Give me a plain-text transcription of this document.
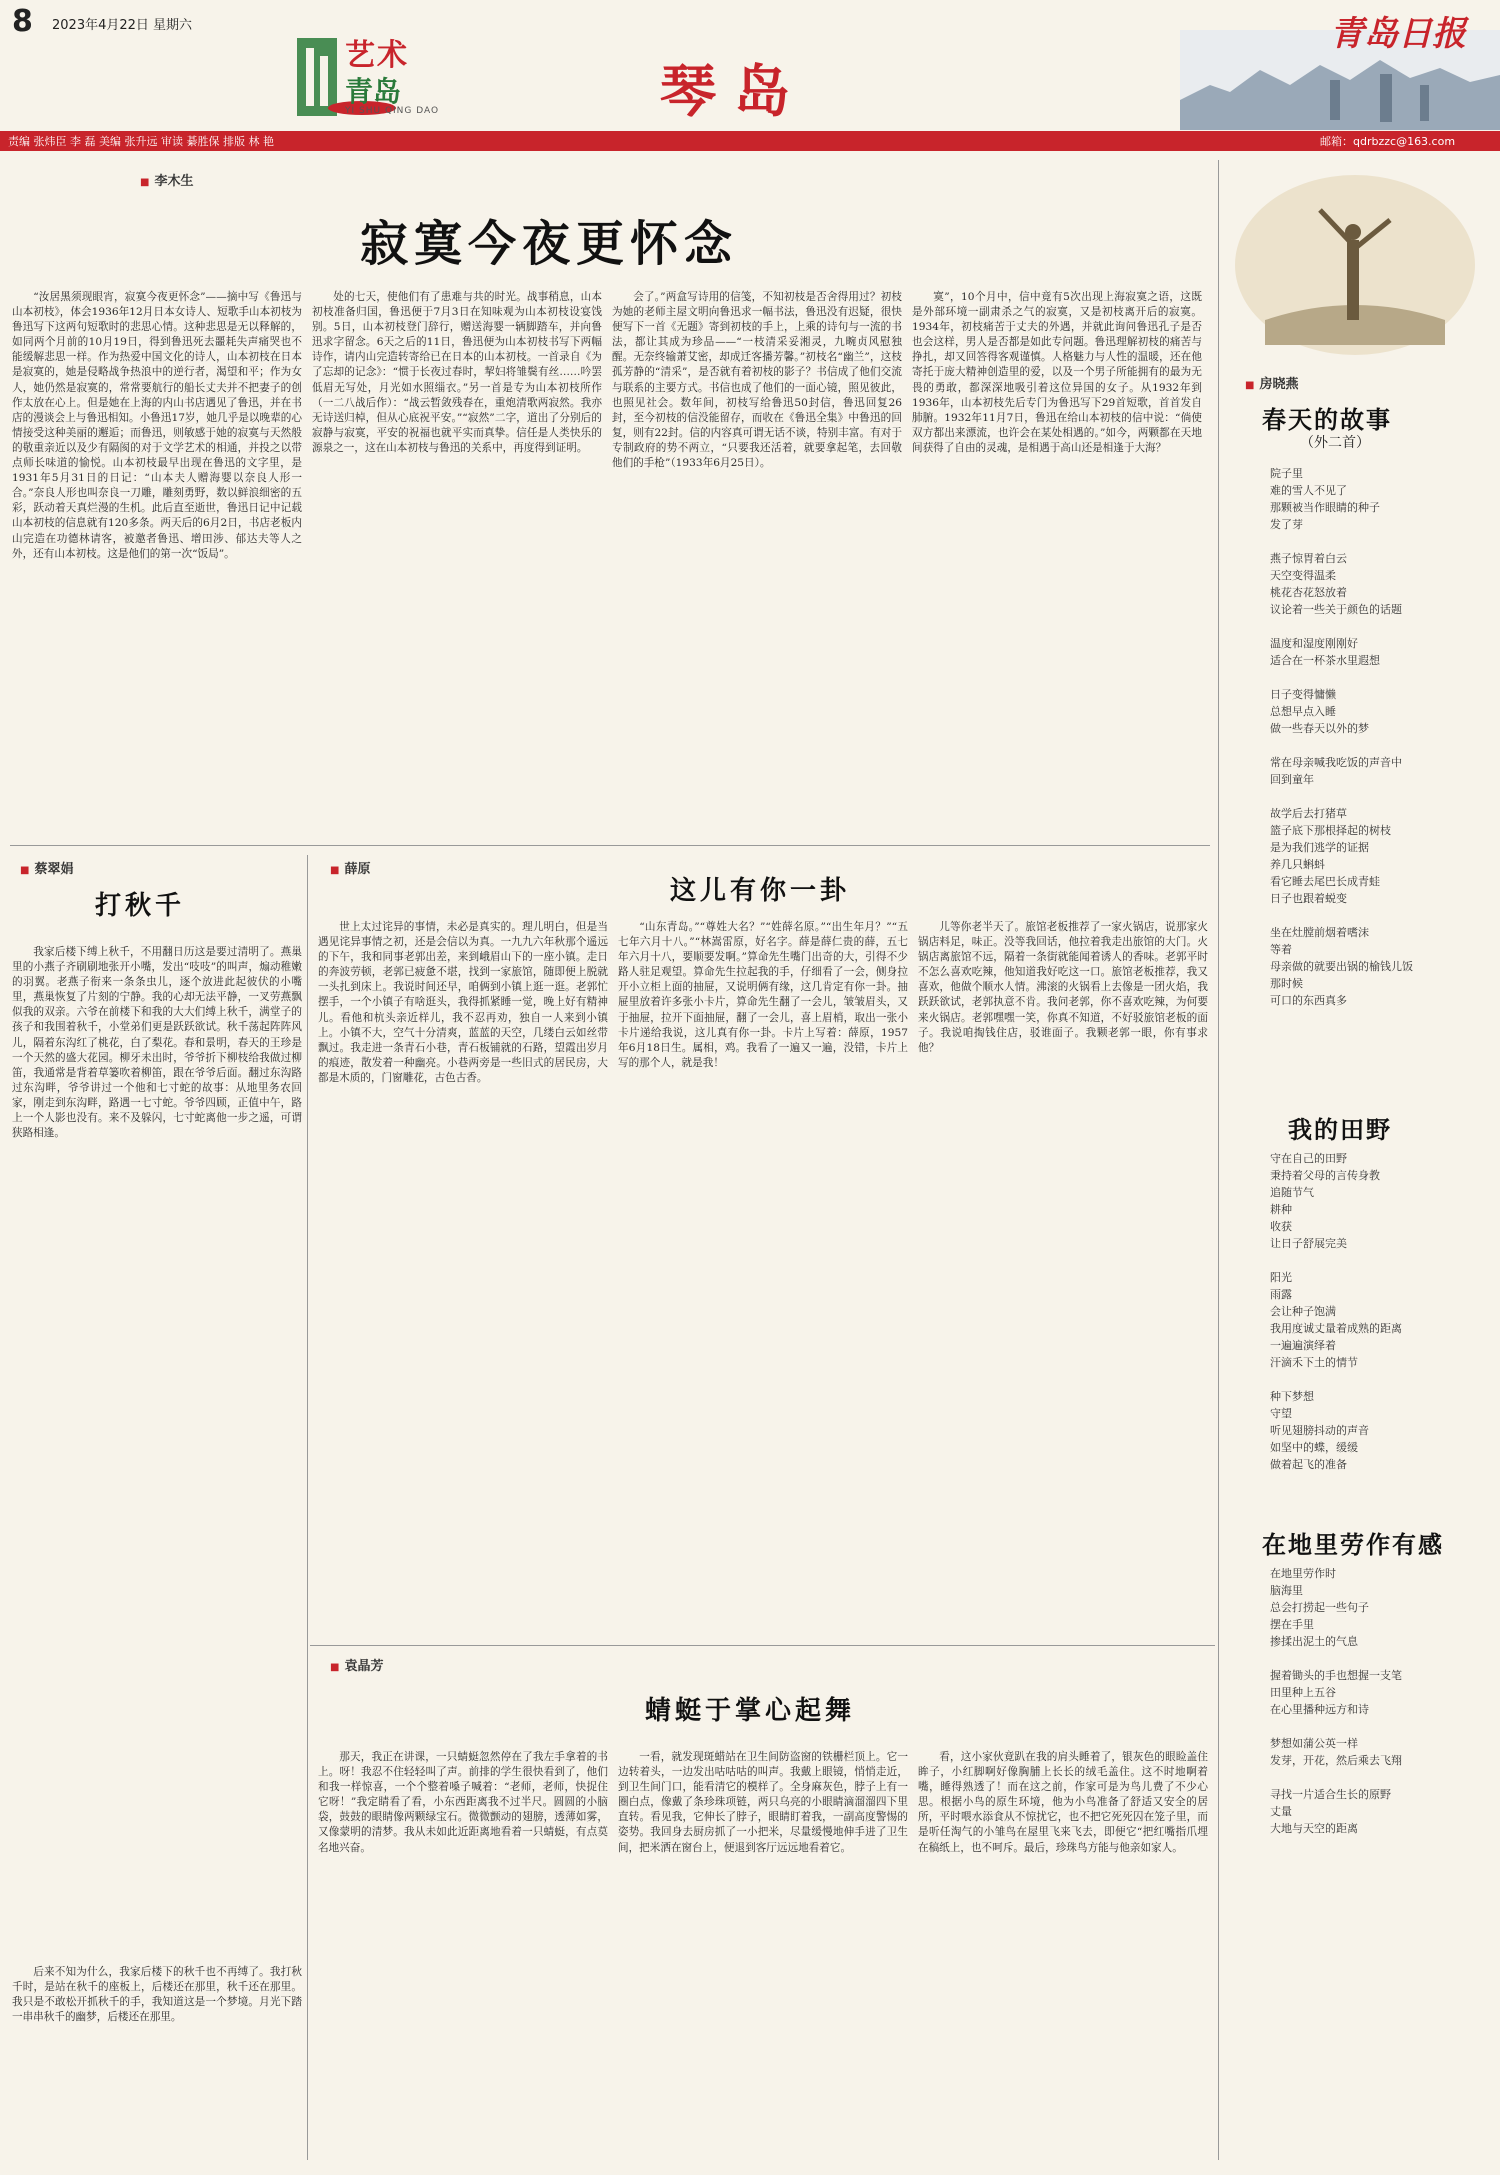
8 2023年4月22日 星期六
艺术
青岛
YI SHU QING DAO	琴岛
青岛日报
责编 张炜臣 李 磊 美编 张升远 审读 綦胜保 排版 林 艳	邮箱：qdrbzzc@163.com
■ 李木生
寂寞今夜更怀念
“汝居黑须现眼宵，寂寞今夜更怀念”——摘中写《鲁迅与山本初枝》，体会1936年12月日本女诗人、短歌手山本初枝为鲁迅写下这两句短歌时的悲思心情。这种悲思是无以释解的，如同两个月前的10月19日，得到鲁迅死去噩耗失声痛哭也不能缓解悲思一样。作为热爱中国文化的诗人，山本初枝在日本是寂寞的，她是侵略战争热浪中的逆行者，渴望和平；作为女人，她仍然是寂寞的，常常要航行的船长丈夫并不把妻子的创作太放在心上。但是她在上海的内山书店遇见了鲁迅，并在书店的漫谈会上与鲁迅相知。小鲁迅17岁，她几乎是以晚辈的心情接受这种美丽的邂逅；而鲁迅，则敏感于她的寂寞与天然般的敬重亲近以及少有隔阂的对于文学艺术的相通，并投之以带点师长味道的愉悦。山本初枝最早出现在鲁迅的文字里，是1931年5月31日的日记：“山本夫人赠海婴以奈良人形一合。”奈良人形也叫奈良一刀雕，雕刻勇野，数以鲜浪细密的五彩，跃动着天真烂漫的生机。此后直至逝世，鲁迅日记中记载山本初枝的信息就有120多条。两天后的6月2日，书店老板内山完造在功德林请客，被邀者鲁迅、增田涉、郁达夫等人之外，还有山本初枝。这是他们的第一次“饭局”。
处的七天，使他们有了患难与共的时光。战事稍息，山本初枝准备归国，鲁迅便于7月3日在知味观为山本初枝设宴饯别。5日，山本初枝登门辞行，赠送海婴一辆脚踏车，并向鲁迅求字留念。6天之后的11日，鲁迅便为山本初枝书写下两幅诗作，请内山完造转寄给已在日本的山本初枝。一首录自《为了忘却的记念》：“惯于长夜过春时，挈妇将雏鬓有丝……吟罢低眉无写处，月光如水照缁衣。”另一首是专为山本初枝所作（一二八战后作）：“战云暂敛残春在，重炮清歌两寂然。我亦无诗送归棹，但从心底祝平安。”“寂然”二字，道出了分别后的寂静与寂寞，平安的祝福也就平实而真挚。信任是人类快乐的源泉之一，这在山本初枝与鲁迅的关系中，再度得到证明。
会了。”两盒写诗用的信笺，不知初枝是否舍得用过？初枝为她的老师主屋文明向鲁迅求一幅书法，鲁迅没有迟疑，很快便写下一首《无题》寄到初枝的手上，上乘的诗句与一流的书法，都让其成为珍品——“一枝清采妥湘灵，九畹贞风慰独醒。无奈终输萧艾密，却成迁客播芳馨。”初枝名“幽兰”，这枝孤芳静的“清采”，是否就有着初枝的影子？书信成了他们交流与联系的主要方式。书信也成了他们的一面心镜，照见彼此，也照见社会。数年间，初枝写给鲁迅50封信，鲁迅回复26封，至今初枝的信没能留存，而收在《鲁迅全集》中鲁迅的回复，则有22封。信的内容真可谓无话不谈，特别丰富。有对于专制政府的势不两立，“只要我还活着，就要拿起笔，去回敬他们的手枪”（1933年6月25日）。
寞”，10个月中，信中竟有5次出现上海寂寞之语，这既是外部环境一副肃杀之气的寂寞，又是初枝离开后的寂寞。1934年，初枝痛苦于丈夫的外遇，并就此询问鲁迅孔子是否也会这样，男人是否都是如此专问题。鲁迅理解初枝的痛苦与挣扎，却又回答得客观谨慎。人格魅力与人性的温暖，还在他寄托于庞大精神创造里的爱，以及一个男子所能拥有的最为无畏的勇敢，都深深地吸引着这位异国的女子。从1932年到1936年，山本初枝先后专门为鲁迅写下29首短歌，首首发自肺腑。1932年11月7日，鲁迅在给山本初枝的信中说：“倘使双方都出来漂流，也许会在某处相遇的。”如今，两颗都在天地间获得了自由的灵魂，是相遇于高山还是相逢于大海？
■ 房晓燕
春天的故事
（外二首）
院子里
难的雪人不见了
那颗被当作眼睛的种子
发了芽

燕子惊胃着白云
天空变得温柔
桃花杏花怒放着
议论着一些关于颜色的话题

温度和湿度刚刚好
适合在一杯茶水里遐想

日子变得慵懒
总想早点入睡
做一些春天以外的梦

常在母亲喊我吃饭的声音中
回到童年

故学后去打猪草
篮子底下那根择起的树枝
是为我们逃学的证据
养几只蝌蚪
看它睡去尾巴长成青蛙
日子也跟着蜕变

坐在灶膛前烟着嗜沫
等着
母亲做的就要出锅的榆钱儿饭
那时候
可口的东西真多
我的田野
守在自己的田野
秉持着父母的言传身教
追随节气
耕种
收获
让日子舒展完美

阳光
雨露
会让种子饱满
我用度诚丈量着成熟的距离
一遍遍演绎着
汗滴禾下土的情节

种下梦想
守望
听见翅膀抖动的声音
如坚中的蝶，缓缓
做着起飞的准备
在地里劳作有感
在地里劳作时
脑海里
总会打捞起一些句子
摆在手里
掺揉出泥土的气息

握着锄头的手也想握一支笔
田里种上五谷
在心里播种远方和诗

梦想如蒲公英一样
发芽，开花，然后乘去飞翔

寻找一片适合生长的原野
丈量
大地与天空的距离
■ 蔡翠娟
打秋千
我家后楼下缚上秋千，不用翻日历这是要过清明了。燕巢里的小燕子齐刷刷地张开小嘴，发出“吱吱”的叫声，煽动稚嫩的羽翼。老燕子衔来一条条虫儿，逐个放进此起彼伏的小嘴里，燕巢恢复了片刻的宁静。我的心却无法平静，一叉劳燕飘似我的双亲。六爷在前楼下和我的大大们缚上秋千，满堂子的孩子和我围着秋千，小堂弟们更是跃跃欲试。秋千荡起阵阵风儿，隔着东沟红了桃花，白了梨花。春和景明，春天的王珍是一个天然的盛大花园。柳牙未出时，爷爷折下柳枝给我做过柳笛，我通常是背着草篓吹着柳笛，跟在爷爷后面。翻过东沟路过东沟畔，爷爷讲过一个他和七寸蛇的故事：从地里务农回家，刚走到东沟畔，路遇一七寸蛇。爷爷四顾，正值中午，路上一个人影也没有。来不及躲闪，七寸蛇离他一步之遥，可谓狭路相逢。
后来不知为什么，我家后楼下的秋千也不再缚了。我打秋千时，是站在秋千的座板上，后楼还在那里，秋千还在那里。我只是不敢松开抓秋千的手，我知道这是一个梦境。月光下踏一串串秋千的幽梦，后楼还在那里。
■ 薛原
这儿有你一卦
世上太过诧异的事情，未必是真实的。理儿明白，但是当遇见诧异事情之初，还是会信以为真。一九九六年秋那个遥远的下午，我和同事老郭出差，来到峨眉山下的一座小镇。走日的奔波劳顿，老郭已疲惫不堪，找到一家旅馆，随即便上脱就一头扎到床上。我说时间还早，咱俩到小镇上逛一逛。老郭忙摆手，一个小镇子有啥逛头，我得抓紧睡一觉，晚上好有精神儿。看他和杭头亲近样儿，我不忍再劝，独自一人来到小镇上。小镇不大，空气十分清爽，蓝蓝的天空，几缕白云如丝带飘过。我走进一条青石小巷，青石板铺就的石路，望霞出岁月的痕迹，散发着一种幽亮。小巷两旁是一些旧式的居民房，大都是木质的，门窗雕花，古色古香。
“山东青岛。”“尊姓大名？”“姓薛名原。”“出生年月？”“五七年六月十八。”“林嵩雷原，好名字。薛是薛仁贵的薛，五七年六月十八，要顺要发啊。”算命先生嘴门出奇的大，引得不少路人驻足观望。算命先生拉起我的手，仔细看了一会，侧身拉开小立柜上面的抽屉，又说明俩有缘，这几肯定有你一卦。抽屉里放着许多张小卡片，算命先生翻了一会儿，皱皱眉头，又于抽屉，拉开下面抽屉，翻了一会儿，喜上眉梢，取出一张小卡片递给我说，这儿真有你一卦。卡片上写着：薛原，1957年6月18日生。属相，鸡。我看了一遍又一遍，没错，卡片上写的那个人，就是我！
儿等你老半天了。旅馆老板推荐了一家火锅店，说那家火锅店料足，味正。没等我回话，他拉着我走出旅馆的大门。火锅店离旅馆不远，隔着一条街就能闻着诱人的香味。老郭平时不怎么喜欢吃辣，他知道我好吃这一口。旅馆老板推荐，我又喜欢，他做个顺水人情。沸滚的火锅看上去像是一团火焰，我跃跃欲试，老郭执意不肯。我问老郭，你不喜欢吃辣，为何要来火锅店。老郭嘿嘿一笑，你真不知道，不好驳旅馆老板的面子。我说咱掏钱住店，驳谁面子。我颗老郭一眼，你有事求他？
■ 袁晶芳
蜻蜓于掌心起舞
那天，我正在讲课，一只蜻蜓忽然停在了我左手拿着的书上。呀！我忍不住轻轻叫了声。前排的学生很快看到了，他们和我一样惊喜，一个个整着嗓子喊着：“老师，老师，快捉住它呀！”我定睛看了看，小东西距离我不过半尺。圆圆的小脑袋，鼓鼓的眼睛像两颗绿宝石。微微颤动的翅膀，透薄如雾，又像蒙明的清梦。我从未如此近距离地看着一只蜻蜓，有点莫名地兴奋。
一看，就发现斑蜡站在卫生间防盗窗的铁栅栏顶上。它一边转着头，一边发出咕咕咕的叫声。我戴上眼镜，悄悄走近，到卫生间门口，能看清它的模样了。全身麻灰色，脖子上有一圈白点，像戴了条珍珠项链，两只乌亮的小眼睛滴溜溜四下里直转。看见我，它伸长了脖子，眼睛盯着我，一副高度警惕的姿势。我回身去厨房抓了一小把米，尽量缓慢地伸手进了卫生间，把米洒在窗台上，便退到客厅远远地看着它。
看，这小家伙竟趴在我的肩头睡着了，银灰色的眼睑盖住眸子，小红脚啊好像胸脯上长长的绒毛盖住。这不时地啊着嘴，睡得熟透了！而在这之前，作家可是为鸟儿费了不少心思。根据小鸟的原生环境，他为小鸟准备了舒适又安全的居所，平时喂水添食从不惊扰它，也不把它死死囚在笼子里，而是听任淘气的小雏鸟在屋里飞来飞去，即便它“把红嘴指爪埋在稿纸上，也不呵斥。最后，珍珠鸟方能与他亲如家人。
